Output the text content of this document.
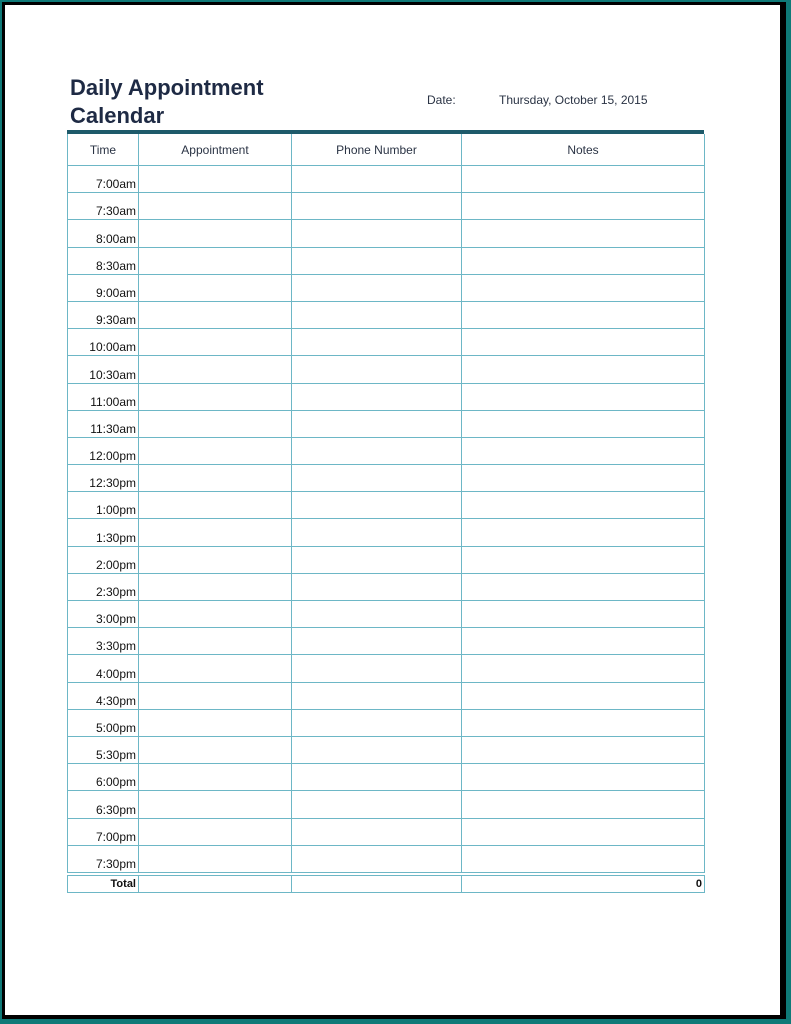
Daily Appointment
Calendar
Date:	Thursday, October 15, 2015
Time	Appointment	Phone Number	Notes
7:00am			
7:30am			
8:00am			
8:30am			
9:00am			
9:30am			
10:00am			
10:30am			
11:00am			
11:30am			
12:00pm			
12:30pm			
1:00pm			
1:30pm			
2:00pm			
2:30pm			
3:00pm			
3:30pm			
4:00pm			
4:30pm			
5:00pm			
5:30pm			
6:00pm			
6:30pm			
7:00pm			
7:30pm			
Total			0
